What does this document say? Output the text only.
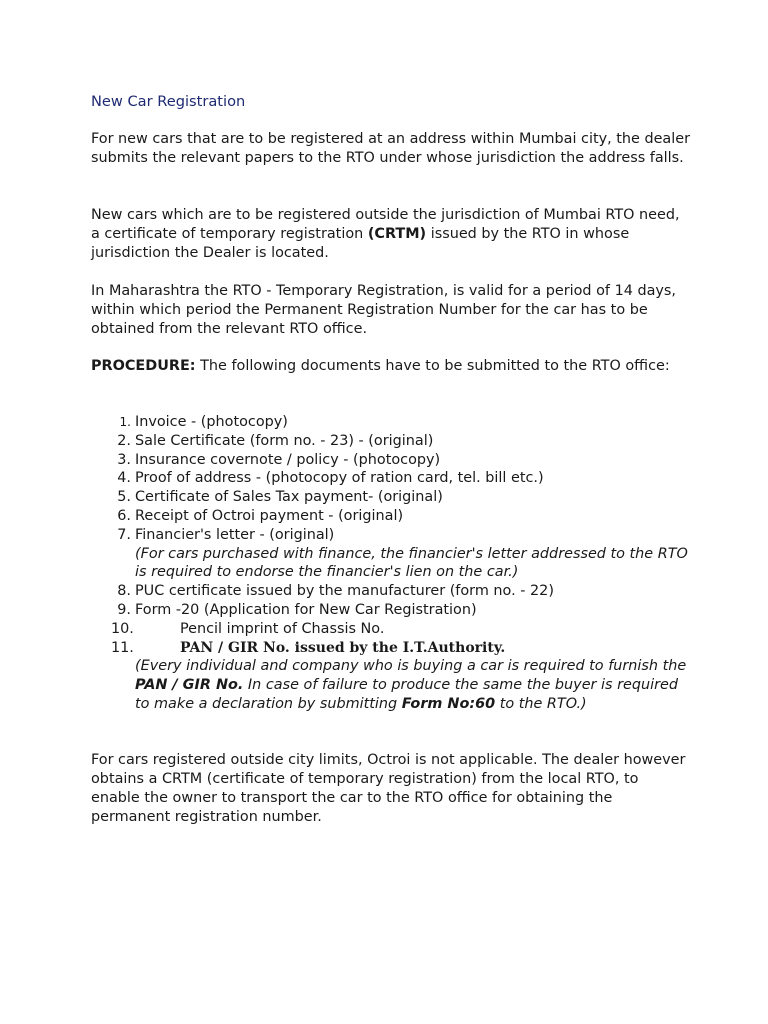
New Car Registration

For new cars that are to be registered at an address within Mumbai city, the dealer submits the relevant papers to the RTO under whose jurisdiction the address falls.

New cars which are to be registered outside the jurisdiction of Mumbai RTO need, a certificate of temporary registration (CRTM) issued by the RTO in whose jurisdiction the Dealer is located.

In Maharashtra the RTO - Temporary Registration, is valid for a period of 14 days, within which period the Permanent Registration Number for the car has to be obtained from the relevant RTO office.

PROCEDURE: The following documents have to be submitted to the RTO office:

1. Invoice - (photocopy)
2. Sale Certificate (form no. - 23) - (original)
3. Insurance covernote / policy - (photocopy)
4. Proof of address - (photocopy of ration card, tel. bill etc.)
5. Certificate of Sales Tax payment- (original)
6. Receipt of Octroi payment - (original)
7. Financier's letter - (original)
(For cars purchased with finance, the financier's letter addressed to the RTO is required to endorse the financier's lien on the car.)
8. PUC certificate issued by the manufacturer (form no. - 22)
9. Form -20 (Application for New Car Registration)
10.	Pencil imprint of Chassis No.
11.	PAN / GIR No. issued by the I.T.Authority.
(Every individual and company who is buying a car is required to furnish the PAN / GIR No. In case of failure to produce the same the buyer is required to make a declaration by submitting Form No:60 to the RTO.)

For cars registered outside city limits, Octroi is not applicable. The dealer however obtains a CRTM (certificate of temporary registration) from the local RTO, to enable the owner to transport the car to the RTO office for obtaining the permanent registration number.
